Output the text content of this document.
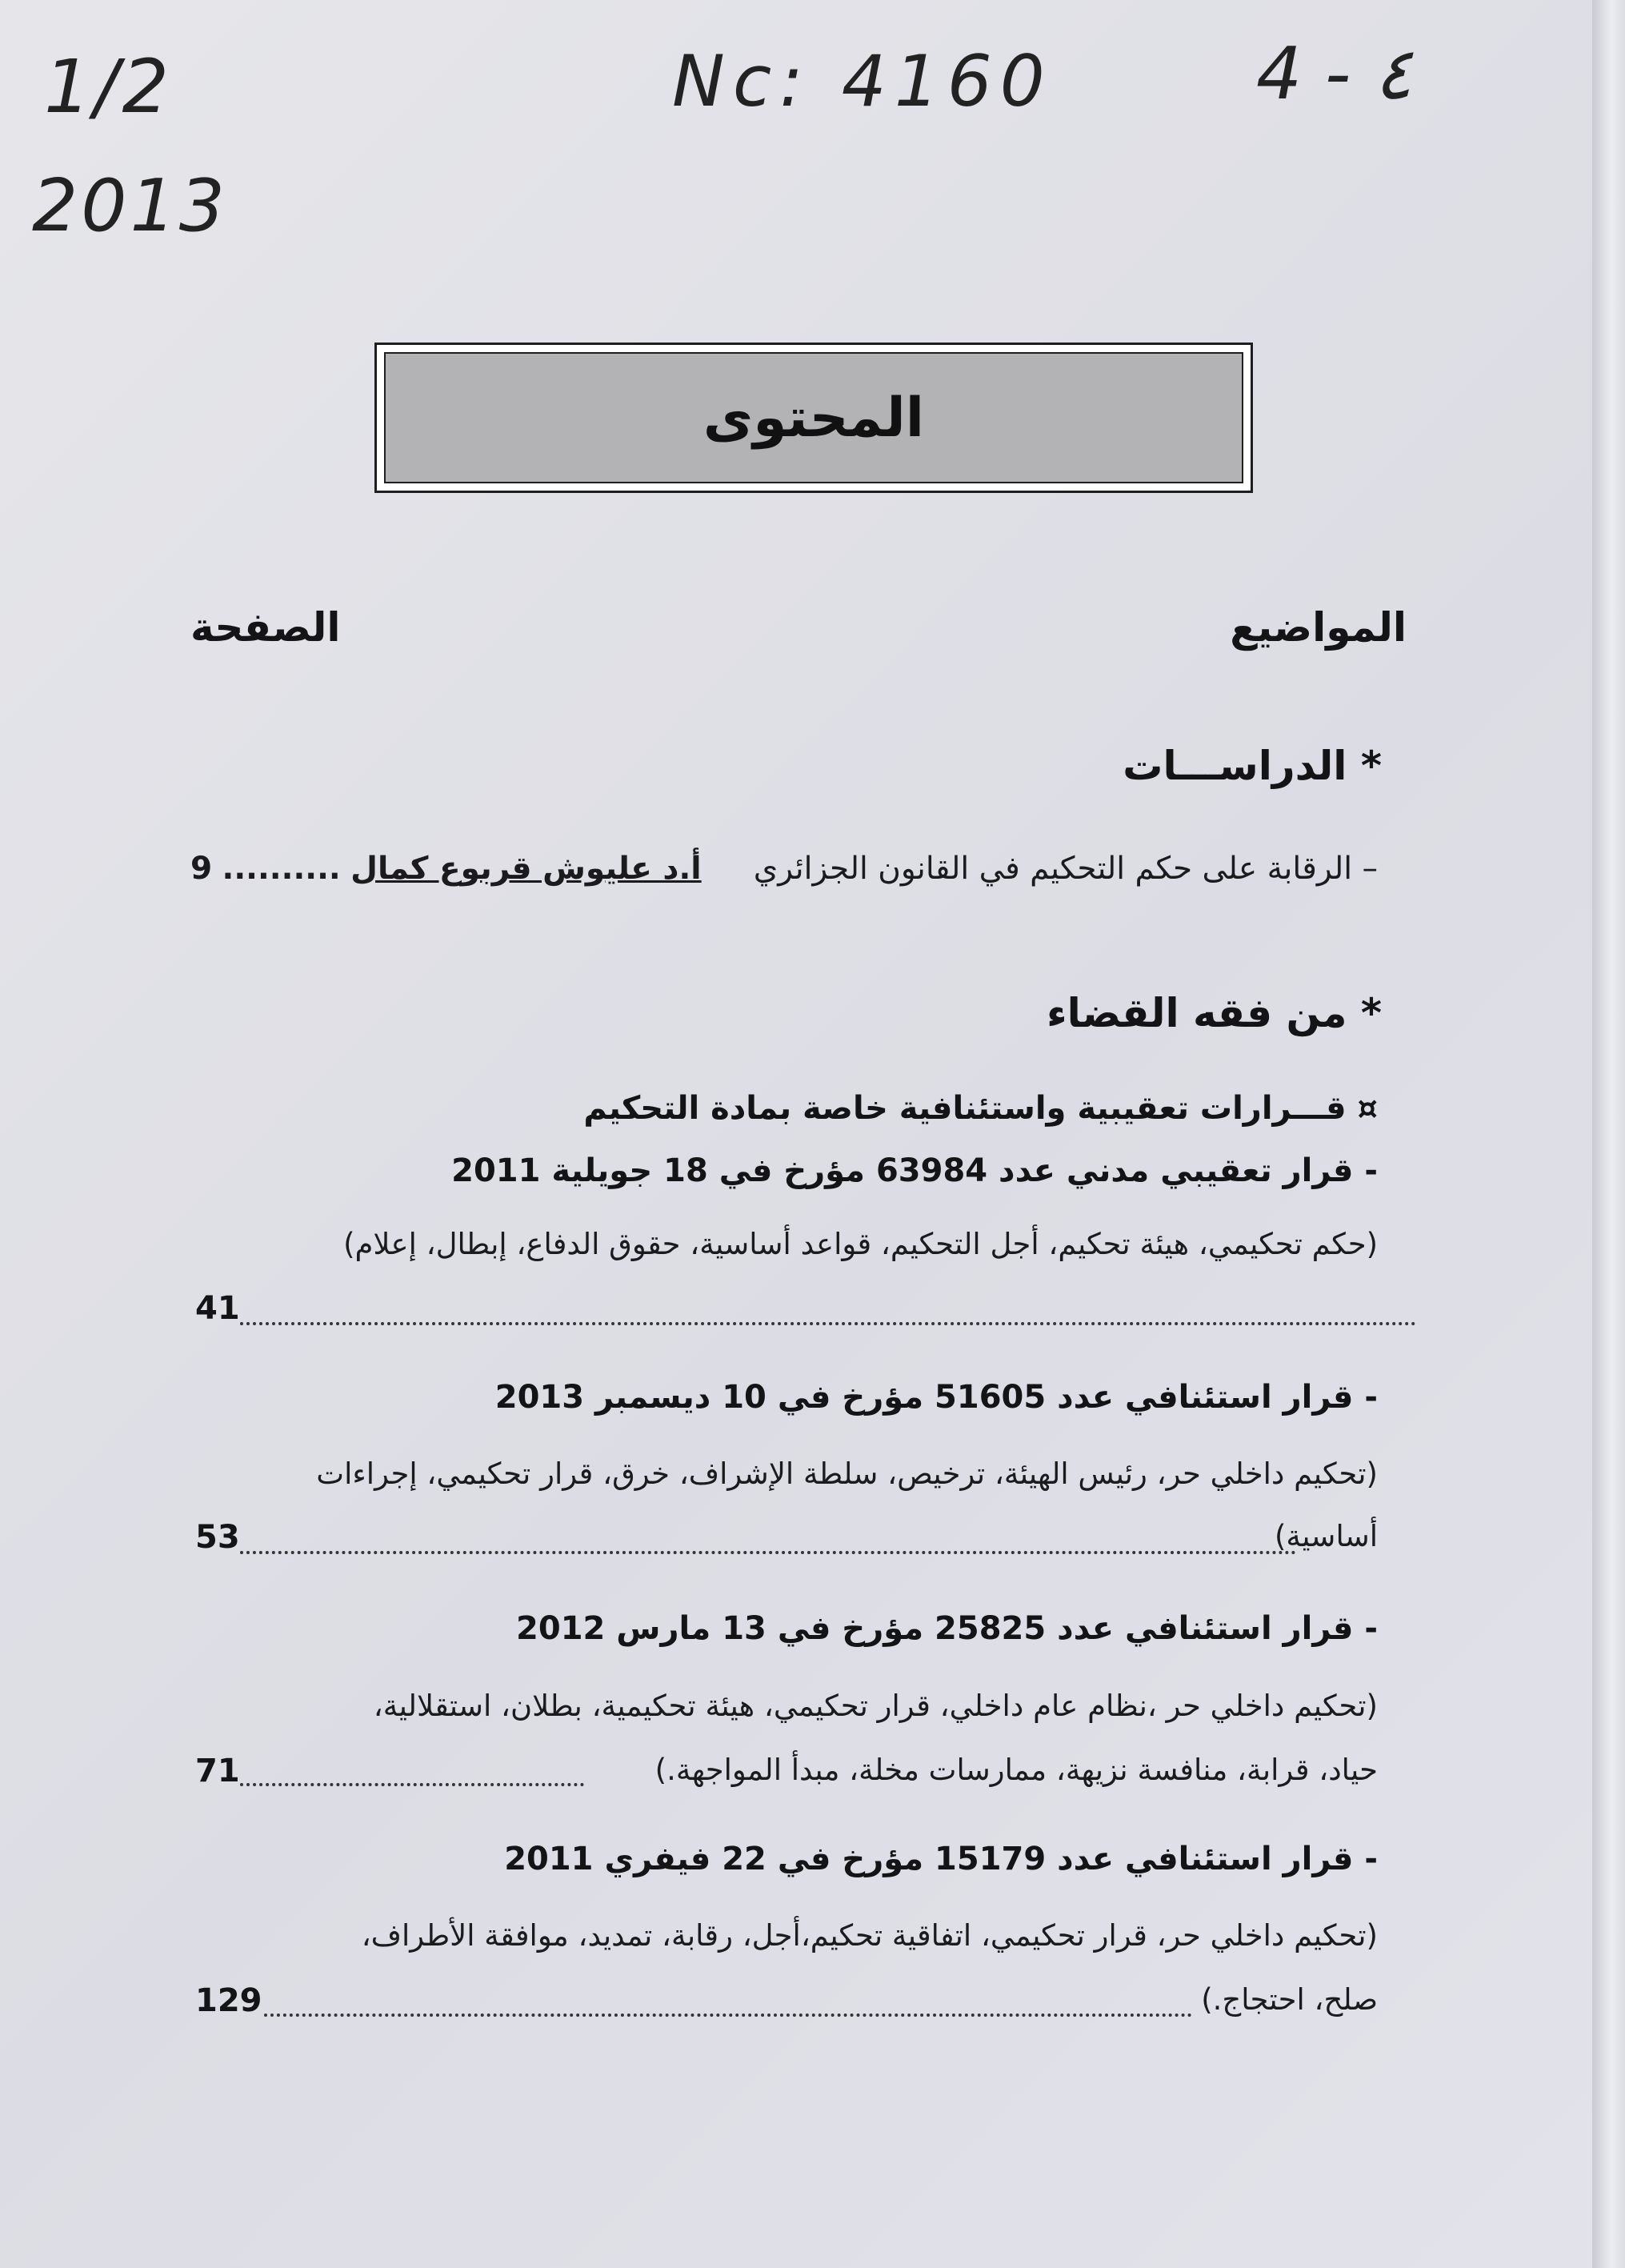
1/2
2013
Nc: 4160	4 - ٤
المحتوى
المواضيع
الصفحة
* الدراســـات
– الرقابة على حكم التحكيم في القانون الجزائري
9 .......... أ.د عليوش قربوع كمال
* من فقه القضاء
¤ قـــرارات تعقيبية واستئنافية خاصة بمادة التحكيم
- قرار تعقيبي مدني عدد 63984 مؤرخ في 18 جويلية 2011
(حكم تحكيمي، هيئة تحكيم، أجل التحكيم، قواعد أساسية، حقوق الدفاع، إبطال، إعلام)
41
- قرار استئنافي عدد 51605 مؤرخ في 10 ديسمبر 2013
(تحكيم داخلي حر، رئيس الهيئة، ترخيص، سلطة الإشراف، خرق، قرار تحكيمي، إجراءات
أساسية)
53
- قرار استئنافي عدد 25825 مؤرخ في 13 مارس 2012
(تحكيم داخلي حر ،نظام عام داخلي، قرار تحكيمي، هيئة تحكيمية، بطلان، استقلالية،
حياد، قرابة، منافسة نزيهة، ممارسات مخلة، مبدأ المواجهة.)
71
- قرار استئنافي عدد 15179 مؤرخ في 22 فيفري 2011
(تحكيم داخلي حر، قرار تحكيمي، اتفاقية تحكيم،أجل، رقابة، تمديد، موافقة الأطراف،
صلح، احتجاج.)
129
